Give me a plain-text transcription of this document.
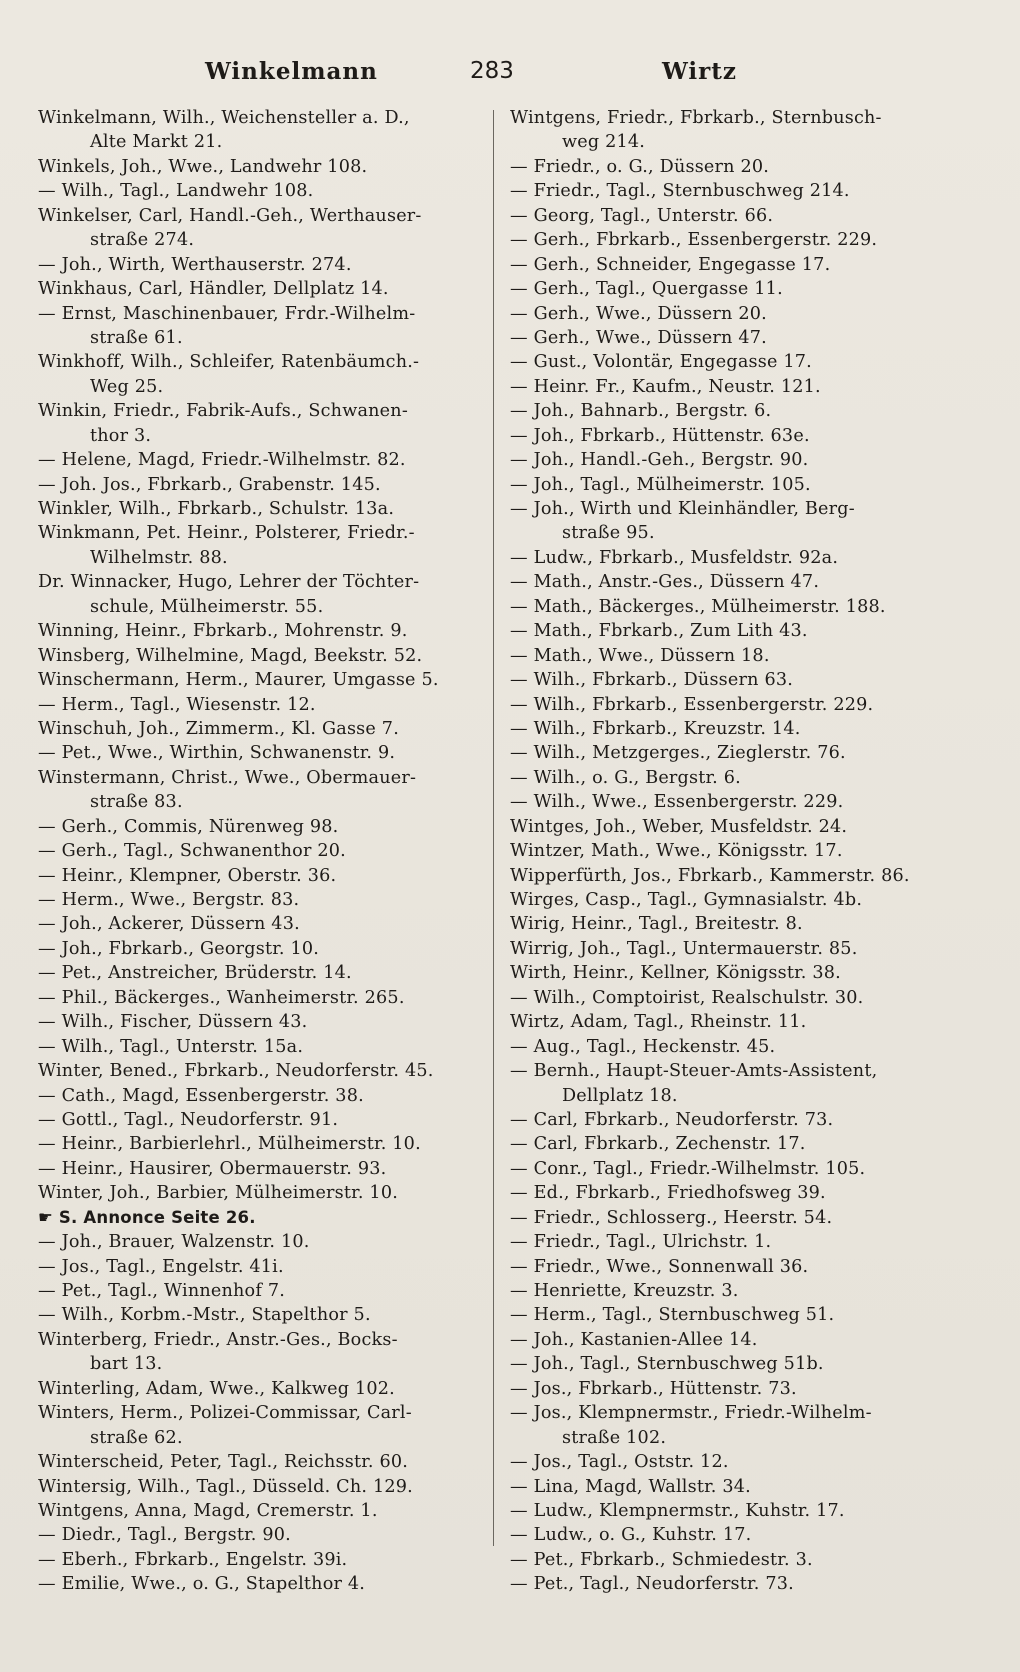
Winkelmann	283	Wirtz
Winkelmann, Wilh., Weichensteller a. D.,
Alte Markt 21.
Winkels, Joh., Wwe., Landwehr 108.
— Wilh., Tagl., Landwehr 108.
Winkelser, Carl, Handl.-Geh., Werthauser-
straße 274.
— Joh., Wirth, Werthauserstr. 274.
Winkhaus, Carl, Händler, Dellplatz 14.
— Ernst, Maschinenbauer, Frdr.-Wilhelm-
straße 61.
Winkhoff, Wilh., Schleifer, Ratenbäumch.-
Weg 25.
Winkin, Friedr., Fabrik-Aufs., Schwanen-
thor 3.
— Helene, Magd, Friedr.-Wilhelmstr. 82.
— Joh. Jos., Fbrkarb., Grabenstr. 145.
Winkler, Wilh., Fbrkarb., Schulstr. 13a.
Winkmann, Pet. Heinr., Polsterer, Friedr.-
Wilhelmstr. 88.
Dr. Winnacker, Hugo, Lehrer der Töchter-
schule, Mülheimerstr. 55.
Winning, Heinr., Fbrkarb., Mohrenstr. 9.
Winsberg, Wilhelmine, Magd, Beekstr. 52.
Winschermann, Herm., Maurer, Umgasse 5.
— Herm., Tagl., Wiesenstr. 12.
Winschuh, Joh., Zimmerm., Kl. Gasse 7.
— Pet., Wwe., Wirthin, Schwanenstr. 9.
Winstermann, Christ., Wwe., Obermauer-
straße 83.
— Gerh., Commis, Nürenweg 98.
— Gerh., Tagl., Schwanenthor 20.
— Heinr., Klempner, Oberstr. 36.
— Herm., Wwe., Bergstr. 83.
— Joh., Ackerer, Düssern 43.
— Joh., Fbrkarb., Georgstr. 10.
— Pet., Anstreicher, Brüderstr. 14.
— Phil., Bäckerges., Wanheimerstr. 265.
— Wilh., Fischer, Düssern 43.
— Wilh., Tagl., Unterstr. 15a.
Winter, Bened., Fbrkarb., Neudorferstr. 45.
— Cath., Magd, Essenbergerstr. 38.
— Gottl., Tagl., Neudorferstr. 91.
— Heinr., Barbierlehrl., Mülheimerstr. 10.
— Heinr., Hausirer, Obermauerstr. 93.
Winter, Joh., Barbier, Mülheimerstr. 10.
☛ S. Annonce Seite 26.
— Joh., Brauer, Walzenstr. 10.
— Jos., Tagl., Engelstr. 41i.
— Pet., Tagl., Winnenhof 7.
— Wilh., Korbm.-Mstr., Stapelthor 5.
Winterberg, Friedr., Anstr.-Ges., Bocks-
bart 13.
Winterling, Adam, Wwe., Kalkweg 102.
Winters, Herm., Polizei-Commissar, Carl-
straße 62.
Winterscheid, Peter, Tagl., Reichsstr. 60.
Wintersig, Wilh., Tagl., Düsseld. Ch. 129.
Wintgens, Anna, Magd, Cremerstr. 1.
— Diedr., Tagl., Bergstr. 90.
— Eberh., Fbrkarb., Engelstr. 39i.
— Emilie, Wwe., o. G., Stapelthor 4.
Wintgens, Friedr., Fbrkarb., Sternbusch-
weg 214.
— Friedr., o. G., Düssern 20.
— Friedr., Tagl., Sternbuschweg 214.
— Georg, Tagl., Unterstr. 66.
— Gerh., Fbrkarb., Essenbergerstr. 229.
— Gerh., Schneider, Engegasse 17.
— Gerh., Tagl., Quergasse 11.
— Gerh., Wwe., Düssern 20.
— Gerh., Wwe., Düssern 47.
— Gust., Volontär, Engegasse 17.
— Heinr. Fr., Kaufm., Neustr. 121.
— Joh., Bahnarb., Bergstr. 6.
— Joh., Fbrkarb., Hüttenstr. 63e.
— Joh., Handl.-Geh., Bergstr. 90.
— Joh., Tagl., Mülheimerstr. 105.
— Joh., Wirth und Kleinhändler, Berg-
straße 95.
— Ludw., Fbrkarb., Musfeldstr. 92a.
— Math., Anstr.-Ges., Düssern 47.
— Math., Bäckerges., Mülheimerstr. 188.
— Math., Fbrkarb., Zum Lith 43.
— Math., Wwe., Düssern 18.
— Wilh., Fbrkarb., Düssern 63.
— Wilh., Fbrkarb., Essenbergerstr. 229.
— Wilh., Fbrkarb., Kreuzstr. 14.
— Wilh., Metzgerges., Zieglerstr. 76.
— Wilh., o. G., Bergstr. 6.
— Wilh., Wwe., Essenbergerstr. 229.
Wintges, Joh., Weber, Musfeldstr. 24.
Wintzer, Math., Wwe., Königsstr. 17.
Wipperfürth, Jos., Fbrkarb., Kammerstr. 86.
Wirges, Casp., Tagl., Gymnasialstr. 4b.
Wirig, Heinr., Tagl., Breitestr. 8.
Wirrig, Joh., Tagl., Untermauerstr. 85.
Wirth, Heinr., Kellner, Königsstr. 38.
— Wilh., Comptoirist, Realschulstr. 30.
Wirtz, Adam, Tagl., Rheinstr. 11.
— Aug., Tagl., Heckenstr. 45.
— Bernh., Haupt-Steuer-Amts-Assistent,
Dellplatz 18.
— Carl, Fbrkarb., Neudorferstr. 73.
— Carl, Fbrkarb., Zechenstr. 17.
— Conr., Tagl., Friedr.-Wilhelmstr. 105.
— Ed., Fbrkarb., Friedhofsweg 39.
— Friedr., Schlosserg., Heerstr. 54.
— Friedr., Tagl., Ulrichstr. 1.
— Friedr., Wwe., Sonnenwall 36.
— Henriette, Kreuzstr. 3.
— Herm., Tagl., Sternbuschweg 51.
— Joh., Kastanien-Allee 14.
— Joh., Tagl., Sternbuschweg 51b.
— Jos., Fbrkarb., Hüttenstr. 73.
— Jos., Klempnermstr., Friedr.-Wilhelm-
straße 102.
— Jos., Tagl., Oststr. 12.
— Lina, Magd, Wallstr. 34.
— Ludw., Klempnermstr., Kuhstr. 17.
— Ludw., o. G., Kuhstr. 17.
— Pet., Fbrkarb., Schmiedestr. 3.
— Pet., Tagl., Neudorferstr. 73.
